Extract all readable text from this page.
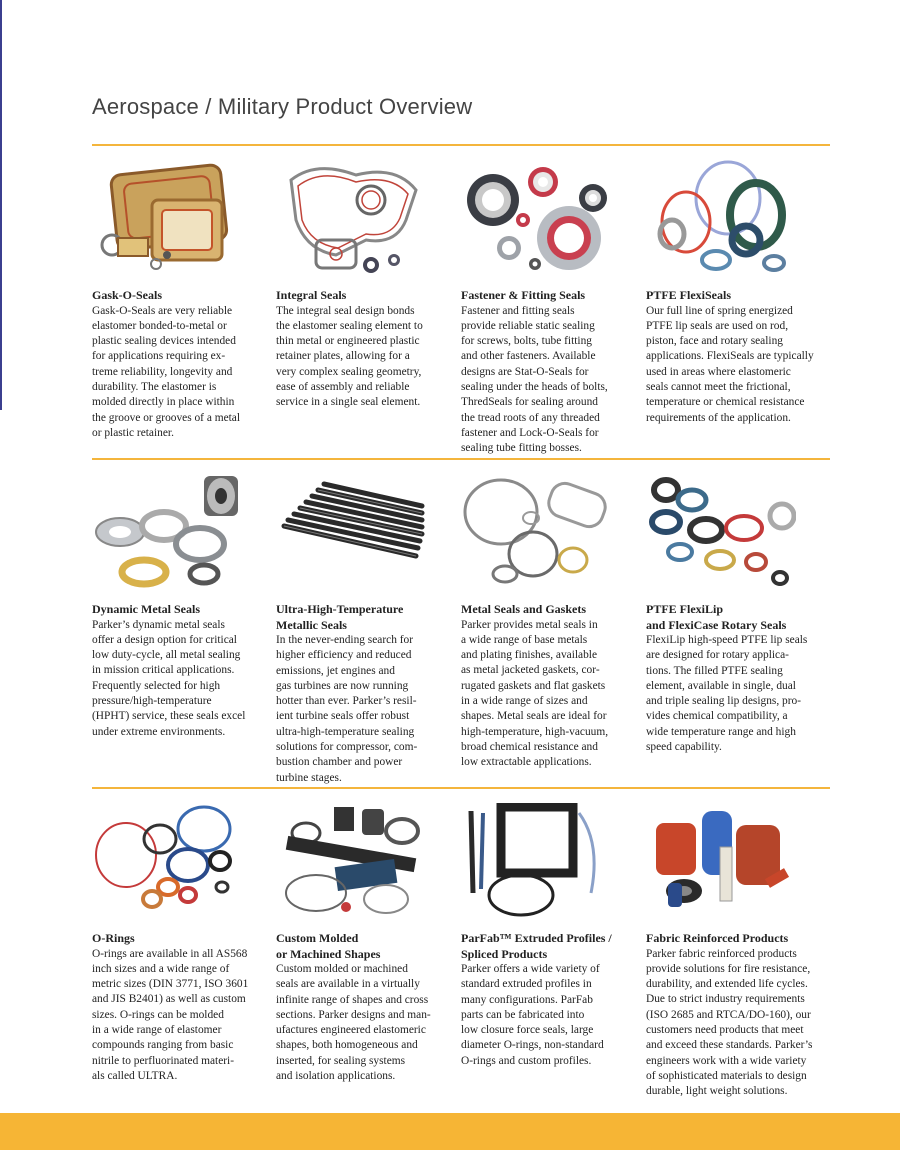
Aerospace / Military Product Overview
Gask-O-Seals

Gask-O-Seals are very reliable
elastomer bonded-to-metal or
plastic sealing devices intended
for applications requiring ex-
treme reliability, longevity and
durability. The elastomer is
molded directly in place within
the groove or grooves of a metal
or plastic retainer.

Integral Seals

The integral seal design bonds
the elastomer sealing element to
thin metal or engineered plastic
retainer plates, allowing for a
very complex sealing geometry,
ease of assembly and reliable
service in a single seal element.

Fastener & Fitting Seals

Fastener and fitting seals
provide reliable static sealing
for screws, bolts, tube fitting
and other fasteners. Available
designs are Stat-O-Seals for
sealing under the heads of bolts,
ThredSeals for sealing around
the tread roots of any threaded
fastener and Lock-O-Seals for
sealing tube fitting bosses.

PTFE FlexiSeals

Our full line of spring energized
PTFE lip seals are used on rod,
piston, face and rotary sealing
applications. FlexiSeals are typically
used in areas where elastomeric
seals cannot meet the frictional,
temperature or chemical resistance
requirements of the application.

Dynamic Metal Seals

Parker’s dynamic metal seals
offer a design option for critical
low duty-cycle, all metal sealing
in mission critical applications.
Frequently selected for high
pressure/high-temperature
(HPHT) service, these seals excel
under extreme environments.

Ultra-High-Temperature
Metallic Seals

In the never-ending search for
higher efficiency and reduced
emissions, jet engines and
gas turbines are now running
hotter than ever. Parker’s resil-
ient turbine seals offer robust
ultra-high-temperature sealing
solutions for compressor, com-
bustion chamber and power
turbine stages.

Metal Seals and Gaskets

Parker provides metal seals in
a wide range of base metals
and plating finishes, available
as metal jacketed gaskets, cor-
rugated gaskets and flat gaskets
in a wide range of sizes and
shapes. Metal seals are ideal for
high-temperature, high-vacuum,
broad chemical resistance and
low extractable applications.

PTFE FlexiLip
and FlexiCase Rotary Seals

FlexiLip high-speed PTFE lip seals
are designed for rotary applica-
tions. The filled PTFE sealing
element, available in single, dual
and triple sealing lip designs, pro-
vides chemical compatibility, a
wide temperature range and high
speed capability.

O-Rings

O-rings are available in all AS568
inch sizes and a wide range of
metric sizes (DIN 3771, ISO 3601
and JIS B2401) as well as custom
sizes. O-rings can be molded
in a wide range of elastomer
compounds ranging from basic
nitrile to perfluorinated materi-
als called ULTRA.

Custom Molded
or Machined Shapes

Custom molded or machined
seals are available in a virtually
infinite range of shapes and cross
sections. Parker designs and man-
ufactures engineered elastomeric
shapes, both homogeneous and
inserted, for sealing systems
and isolation applications.

ParFab™ Extruded Profiles /
Spliced Products

Parker offers a wide variety of
standard extruded profiles in
many configurations. ParFab
parts can be fabricated into
low closure force seals, large
diameter O-rings, non-standard
O-rings and custom profiles.

Fabric Reinforced Products

Parker fabric reinforced products
provide solutions for fire resistance,
durability, and extended life cycles.
Due to strict industry requirements
(ISO 2685 and RTCA/DO-160), our
customers need products that meet
and exceed these standards. Parker’s
engineers work with a wide variety
of sophisticated materials to design
durable, light weight solutions.
